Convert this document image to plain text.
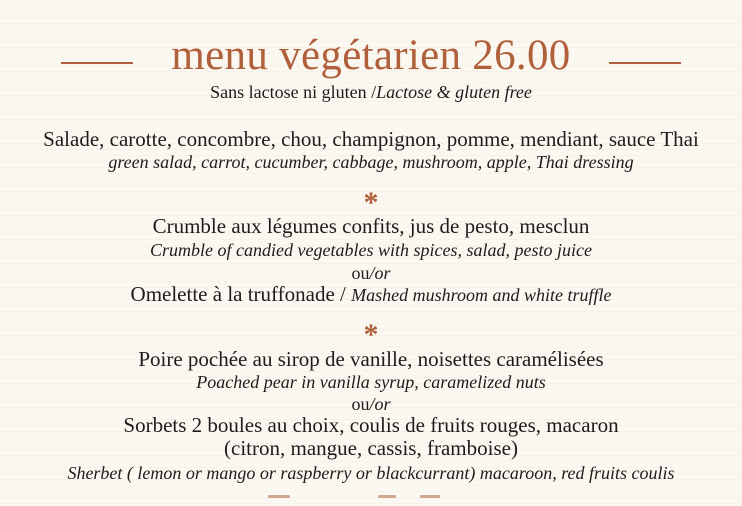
menu végétarien 26.00
Sans lactose ni gluten /Lactose & gluten free
Salade, carotte, concombre, chou, champignon, pomme, mendiant, sauce Thai
green salad, carrot, cucumber, cabbage, mushroom, apple, Thai dressing
*
Crumble aux légumes confits, jus de pesto, mesclun
Crumble of candied vegetables with spices, salad, pesto juice
ou/or
Omelette à la truffonade / Mashed mushroom and white truffle
*
Poire pochée au sirop de vanille, noisettes caramélisées
Poached pear in vanilla syrup, caramelized nuts
ou/or
Sorbets 2 boules au choix, coulis de fruits rouges, macaron
(citron, mangue, cassis, framboise)
Sherbet ( lemon or mango or raspberry or blackcurrant) macaroon, red fruits coulis
